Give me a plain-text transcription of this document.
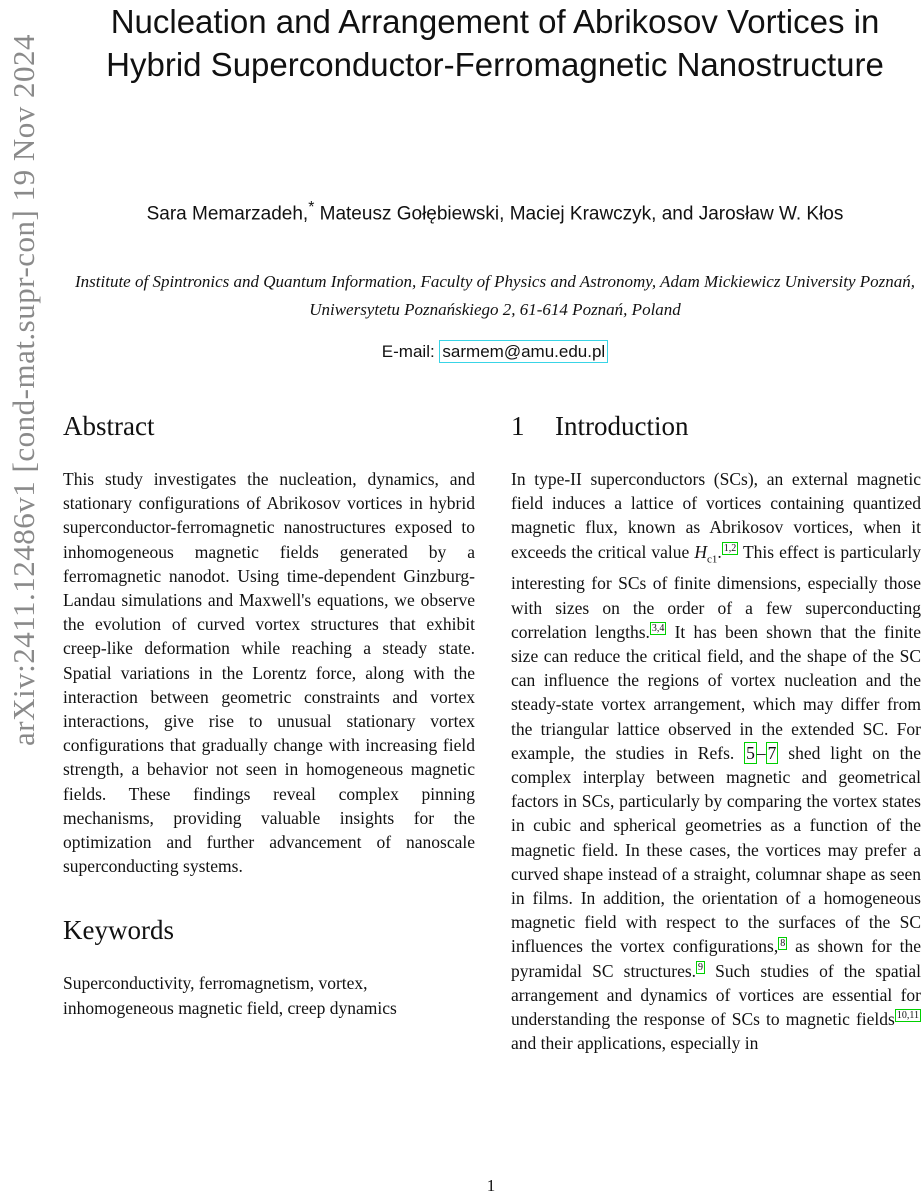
arXiv:2411.12486v1 [cond-mat.supr-con] 19 Nov 2024
Nucleation and Arrangement of Abrikosov Vortices in Hybrid Superconductor-Ferromagnetic Nanostructure
Sara Memarzadeh,* Mateusz Gołębiewski, Maciej Krawczyk, and Jarosław W. Kłos
Institute of Spintronics and Quantum Information, Faculty of Physics and Astronomy, Adam Mickiewicz University Poznań, Uniwersytetu Poznańskiego 2, 61-614 Poznań, Poland
E-mail: sarmem@amu.edu.pl
Abstract

This study investigates the nucleation, dynamics, and stationary configurations of Abrikosov vortices in hybrid superconductor-ferromagnetic nanostructures exposed to inhomogeneous magnetic fields generated by a ferromagnetic nanodot. Using time-dependent Ginzburg-Landau simulations and Maxwell's equations, we observe the evolution of curved vortex structures that exhibit creep-like deformation while reaching a steady state. Spatial variations in the Lorentz force, along with the interaction between geometric constraints and vortex interactions, give rise to unusual stationary vortex configurations that gradually change with increasing field strength, a behavior not seen in homogeneous magnetic fields. These findings reveal complex pinning mechanisms, providing valuable insights for the optimization and further advancement of nanoscale superconducting systems.

Keywords

Superconductivity, ferromagnetism, vortex, inhomogeneous magnetic field, creep dynamics

1 Introduction

In type-II superconductors (SCs), an external magnetic field induces a lattice of vortices containing quantized magnetic flux, known as Abrikosov vortices, when it exceeds the critical value $H_{c1}$. $^{1,2}$ This effect is particularly interesting for SCs of finite dimensions, especially those with sizes on the order of a few superconducting correlation lengths. $^{3,4}$ It has been shown that the finite size can reduce the critical field, and the shape of the SC can influence the regions of vortex nucleation and the steady-state vortex arrangement, which may differ from the triangular lattice observed in the extended SC. For example, the studies in Refs. 5 – 7 shed light on the complex interplay between magnetic and geometrical factors in SCs, particularly by comparing the vortex states in cubic and spherical geometries as a function of the magnetic field. In these cases, the vortices may prefer a curved shape instead of a straight, columnar shape as seen in films. In addition, the orientation of a homogeneous magnetic field with respect to the surfaces of the SC influences the vortex configurations, $^8$ as shown for the pyramidal SC structures. $^9$ Such studies of the spatial arrangement and dynamics of vortices are essential for understanding the response of SCs to magnetic fields $^{10,11}$ and their applications, especially in

1
